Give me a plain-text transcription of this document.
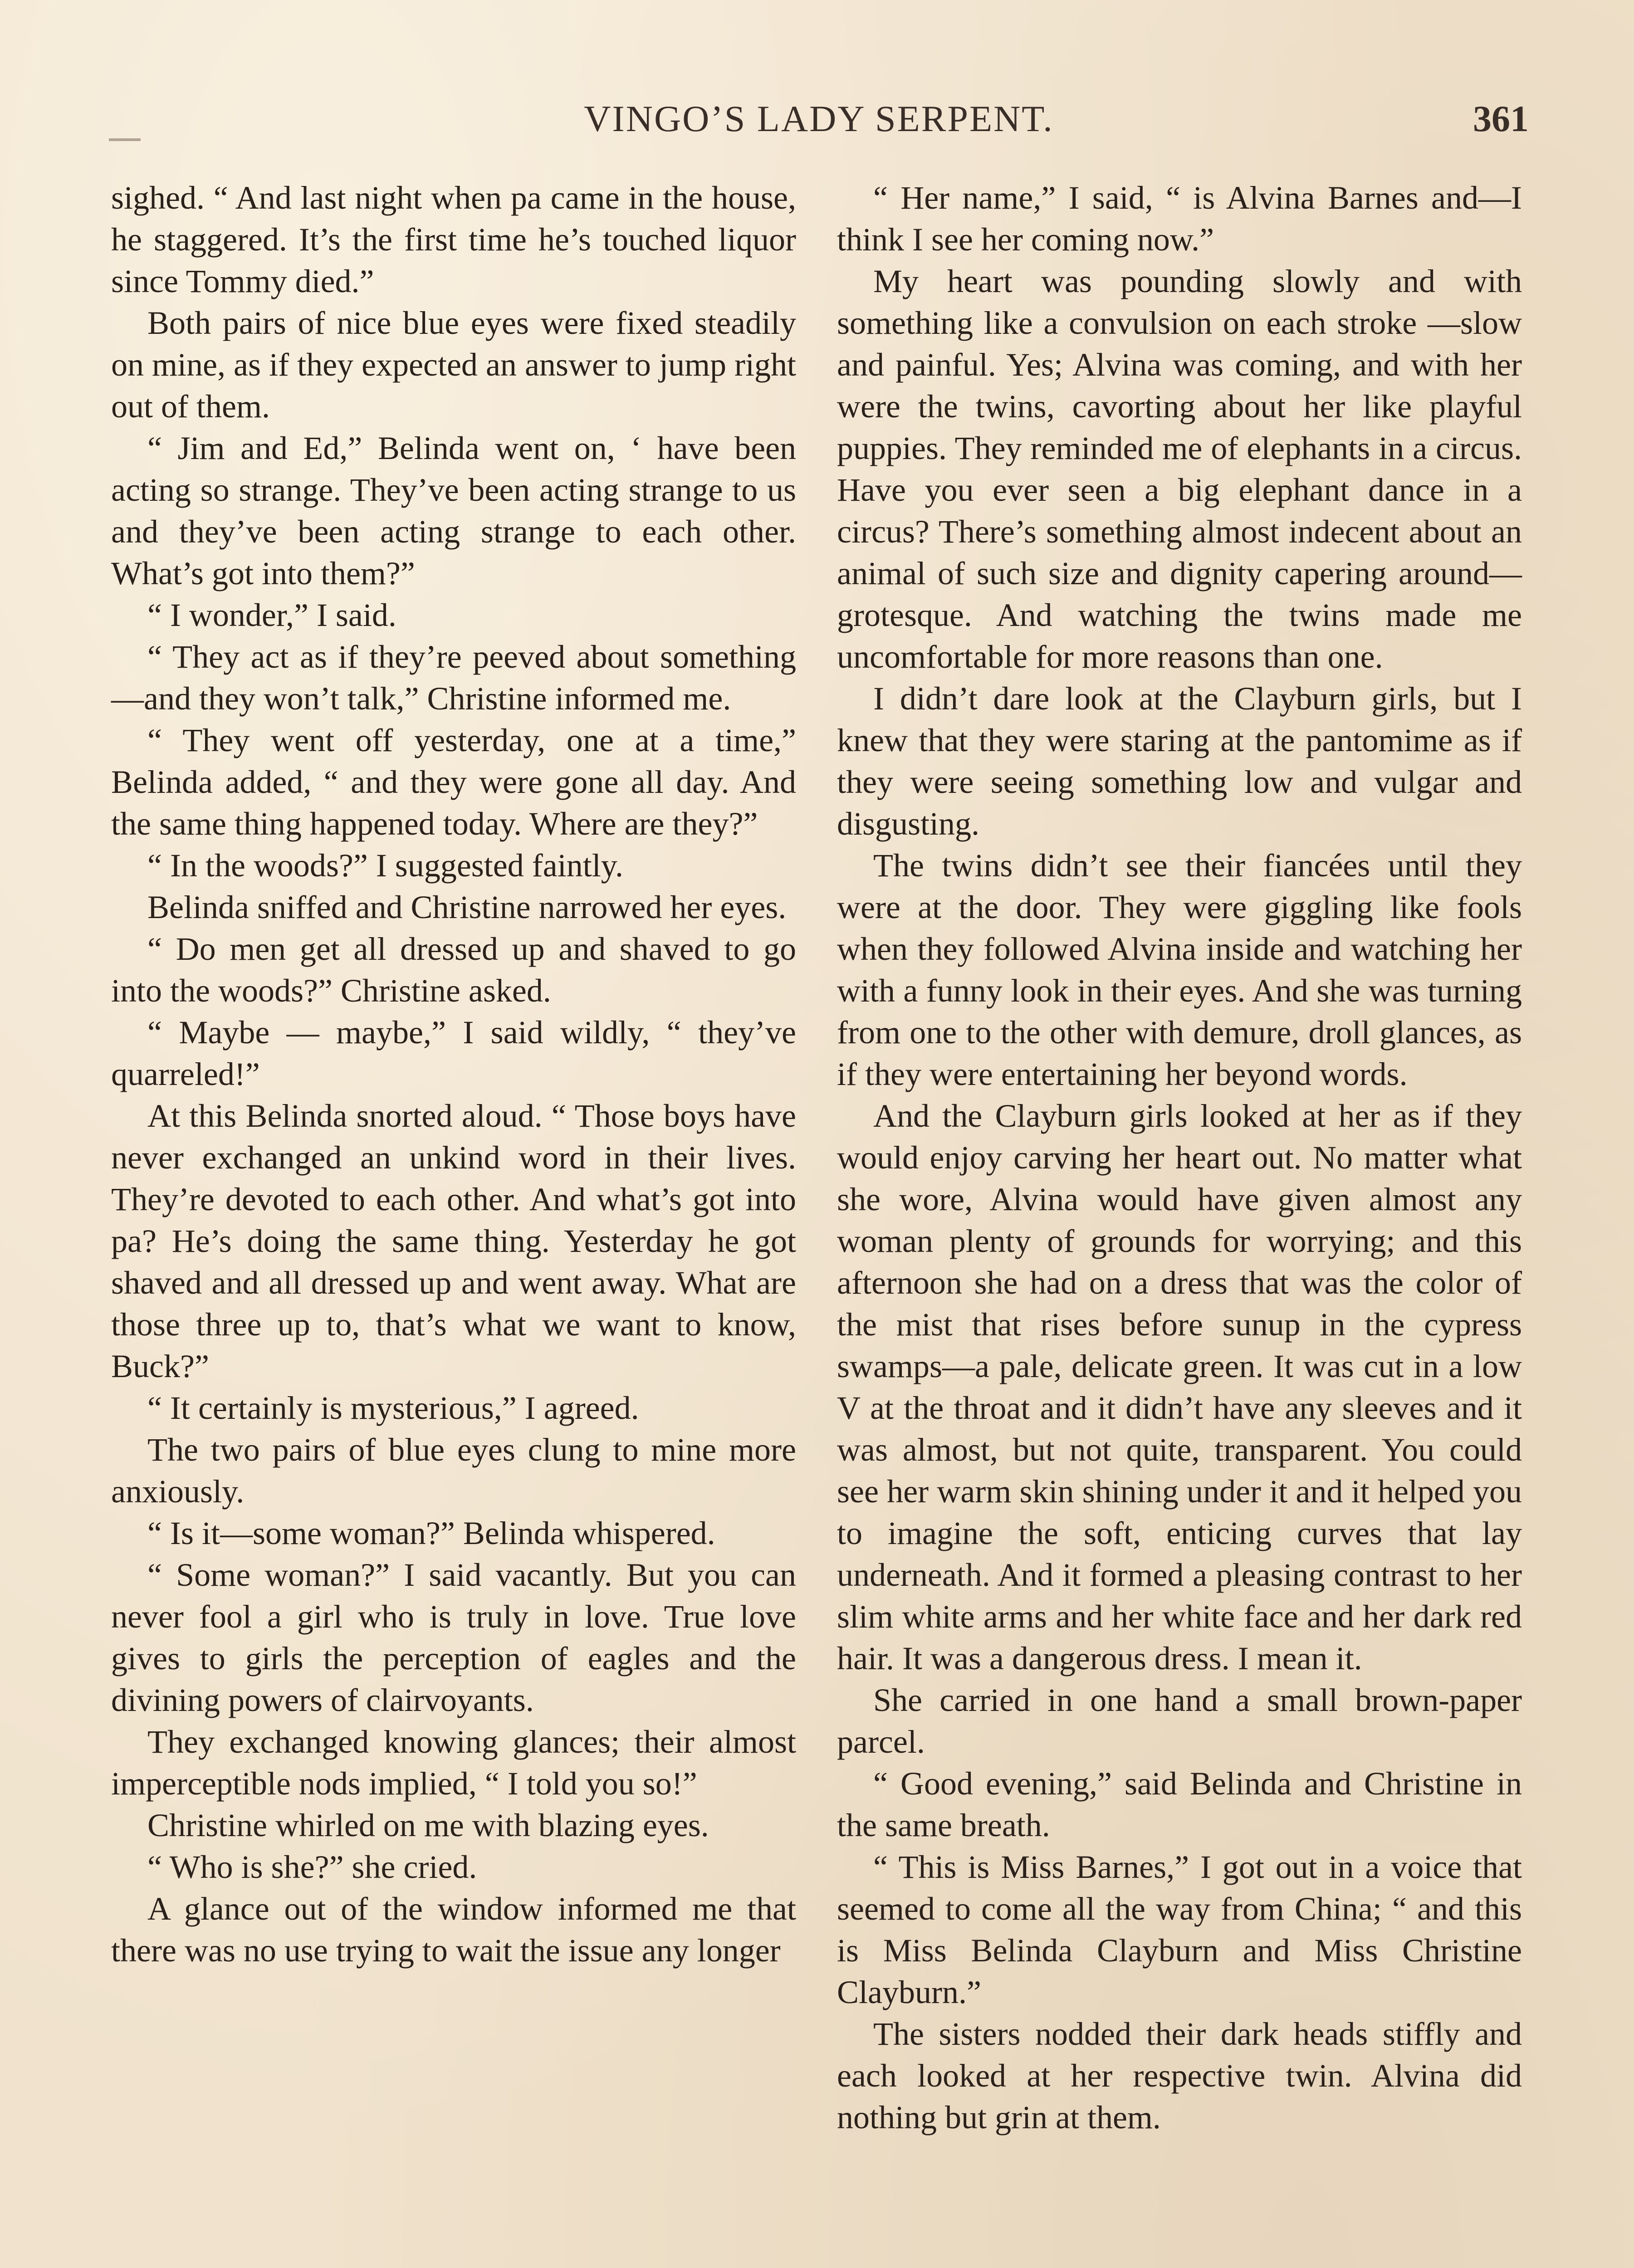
VINGO’S LADY SERPENT.	361

sighed. “ And last night when pa came in the house, he staggered. It’s the first time he’s touched liquor since Tommy died.”

Both pairs of nice blue eyes were fixed steadily on mine, as if they expected an answer to jump right out of them.

“ Jim and Ed,” Belinda went on, ‘ have been acting so strange. They’ve been acting strange to us and they’ve been acting strange to each other. What’s got into them?”

“ I wonder,” I said.

“ They act as if they’re peeved about something—and they won’t talk,” Christine informed me.

“ They went off yesterday, one at a time,” Belinda added, “ and they were gone all day. And the same thing happened today. Where are they?”

“ In the woods?” I suggested faintly.

Belinda sniffed and Christine narrowed her eyes.

“ Do men get all dressed up and shaved to go into the woods?” Christine asked.

“ Maybe — maybe,” I said wildly, “ they’ve quarreled!”

At this Belinda snorted aloud. “ Those boys have never exchanged an unkind word in their lives. They’re devoted to each other. And what’s got into pa? He’s doing the same thing. Yesterday he got shaved and all dressed up and went away. What are those three up to, that’s what we want to know, Buck?”

“ It certainly is mysterious,” I agreed.

The two pairs of blue eyes clung to mine more anxiously.

“ Is it—some woman?” Belinda whispered.

“ Some woman?” I said vacantly. But you can never fool a girl who is truly in love. True love gives to girls the perception of eagles and the divining powers of clairvoyants.

They exchanged knowing glances; their almost imperceptible nods implied, “ I told you so!”

Christine whirled on me with blazing eyes.

“ Who is she?” she cried.

A glance out of the window informed me that there was no use trying to wait the issue any longer

“ Her name,” I said, “ is Alvina Barnes and—I think I see her coming now.”

My heart was pounding slowly and with something like a convulsion on each stroke —slow and painful. Yes; Alvina was coming, and with her were the twins, cavorting about her like playful puppies. They reminded me of elephants in a circus. Have you ever seen a big elephant dance in a circus? There’s something almost indecent about an animal of such size and dignity capering around—grotesque. And watching the twins made me uncomfortable for more reasons than one.

I didn’t dare look at the Clayburn girls, but I knew that they were staring at the pantomime as if they were seeing something low and vulgar and disgusting.

The twins didn’t see their fiancées until they were at the door. They were giggling like fools when they followed Alvina inside and watching her with a funny look in their eyes. And she was turning from one to the other with demure, droll glances, as if they were entertaining her beyond words.

And the Clayburn girls looked at her as if they would enjoy carving her heart out. No matter what she wore, Alvina would have given almost any woman plenty of grounds for worrying; and this afternoon she had on a dress that was the color of the mist that rises before sunup in the cypress swamps—a pale, delicate green. It was cut in a low V at the throat and it didn’t have any sleeves and it was almost, but not quite, transparent. You could see her warm skin shining under it and it helped you to imagine the soft, enticing curves that lay underneath. And it formed a pleasing contrast to her slim white arms and her white face and her dark red hair. It was a dangerous dress. I mean it.

She carried in one hand a small brown-paper parcel.

“ Good evening,” said Belinda and Christine in the same breath.

“ This is Miss Barnes,” I got out in a voice that seemed to come all the way from China; “ and this is Miss Belinda Clayburn and Miss Christine Clayburn.”

The sisters nodded their dark heads stiffly and each looked at her respective twin. Alvina did nothing but grin at them.
